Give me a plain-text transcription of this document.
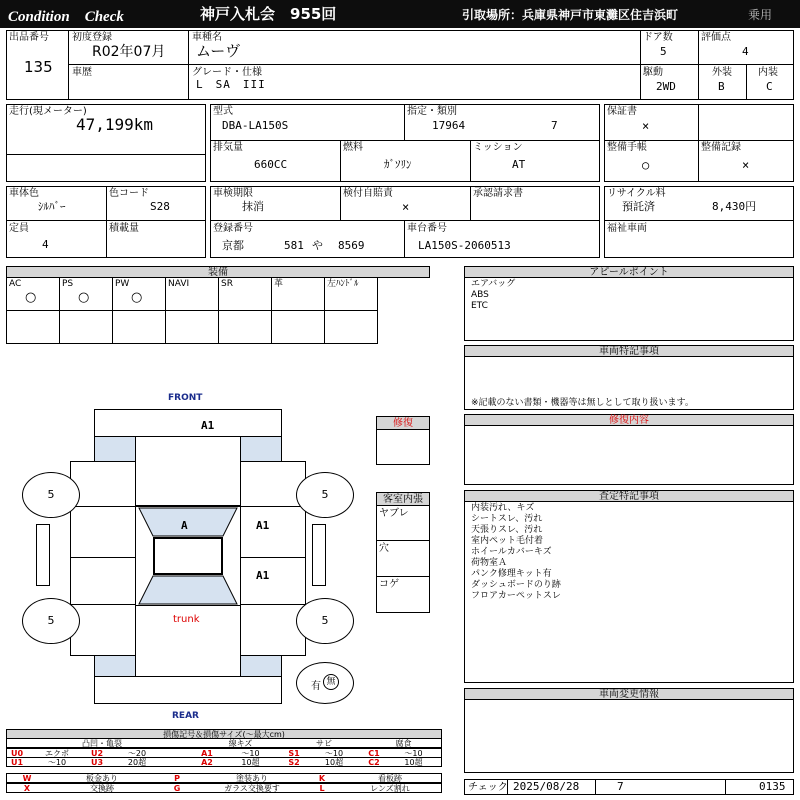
Condition　Check	神戸入札会　955回	引取場所：兵庫県神戸市東灘区住吉浜町	乗用
出品番号
135
初度登録
R02年07月
車歴
車種名
ムーヴ
グレード・仕様
L　SA　III
ドア数
5
評価点
4
駆動
2WD
外装
B
内装
C
走行(現メーター)
47,199km
型式
DBA-LA150S
指定・類別
17964	7
排気量
660CC
燃料
ｶﾞｿﾘﾝ
ミッション
AT
保証書
×
整備手帳
○
整備記録
×
車体色
ｼﾙﾊﾞｰ
色コード
S28
定員
4
積載量
車検期限
抹消
検付自賠責
×
承認請求書
登録番号
京都	581 や 8569
車台番号
LA150S-2060513
リサイクル料
預託済	8,430円
福祉車両
装備
AC
○
PS
○
PW
○
NAVI	SR	革	左ﾊﾝﾄﾞﾙ
アピールポイント
エアバッグ
ABS
ETC
車両特記事項
※記載のない書類・機器等は無しとして取り扱います。
修復内容
査定特記事項
内装汚れ、キズ
シートスレ、汚れ
天張りスレ、汚れ
室内ペット毛付着
ホイールカバーキズ
荷物室Ａ
パンク修理キット有
ダッシュボードのり跡
フロアカーペットスレ
車両変更情報
修復
客室内張
ヤブレ
穴
コゲ
FRONT
REAR
5	5
5	5
A1
A	A1
A1
trunk
有 無
損傷記号＆損傷サイズ(～最大cm)
凸凹・亀裂	線キズ	サビ	腐食
U0	エクボ	U2	～20	A1	～10	S1	～10	C1	～10
U1	～10	U3	20超	A2	10超	S2	10超	C2	10超
W	板金あり	P	塗装あり	K	看板跡
X	交換跡	G	ガラス交換要す	L	レンズ割れ	チェック 2025/08/28	7	0135
